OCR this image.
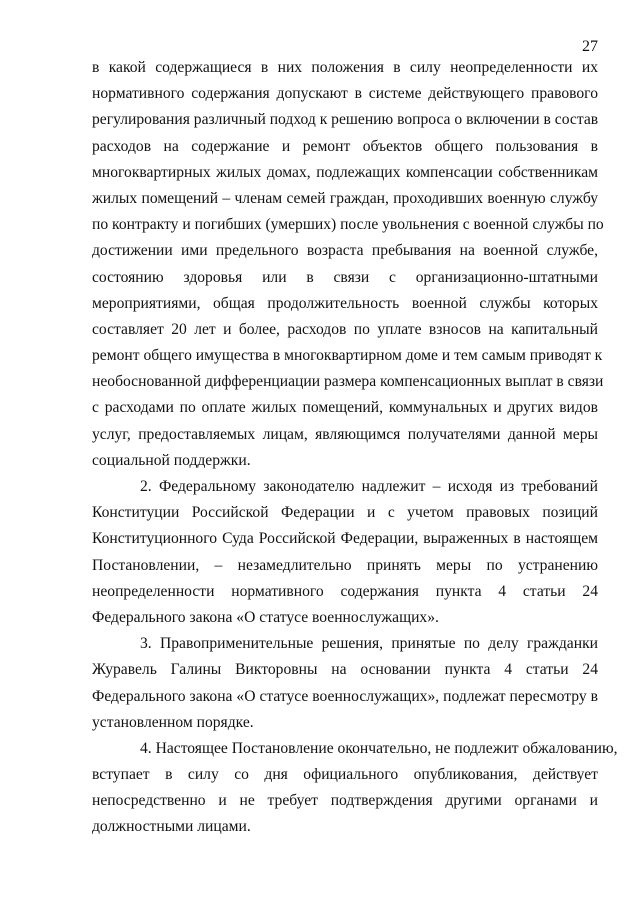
27
в какой содержащиеся в них положения в силу неопределенности их
нормативного содержания допускают в системе действующего правового
регулирования различный подход к решению вопроса о включении в состав
расходов на содержание и ремонт объектов общего пользования в
многоквартирных жилых домах, подлежащих компенсации собственникам
жилых помещений – членам семей граждан, проходивших военную службу
по контракту и погибших (умерших) после увольнения с военной службы по
достижении ими предельного возраста пребывания на военной службе,
состоянию здоровья или в связи с организационно-штатными
мероприятиями, общая продолжительность военной службы которых
составляет 20 лет и более, расходов по уплате взносов на капитальный
ремонт общего имущества в многоквартирном доме и тем самым приводят к
необоснованной дифференциации размера компенсационных выплат в связи
с расходами по оплате жилых помещений, коммунальных и других видов
услуг, предоставляемых лицам, являющимся получателями данной меры
социальной поддержки.
2. Федеральному законодателю надлежит – исходя из требований
Конституции Российской Федерации и с учетом правовых позиций
Конституционного Суда Российской Федерации, выраженных в настоящем
Постановлении, – незамедлительно принять меры по устранению
неопределенности нормативного содержания пункта 4 статьи 24
Федерального закона «О статусе военнослужащих».
3. Правоприменительные решения, принятые по делу гражданки
Журавель Галины Викторовны на основании пункта 4 статьи 24
Федерального закона «О статусе военнослужащих», подлежат пересмотру в
установленном порядке.
4. Настоящее Постановление окончательно, не подлежит обжалованию,
вступает в силу со дня официального опубликования, действует
непосредственно и не требует подтверждения другими органами и
должностными лицами.
